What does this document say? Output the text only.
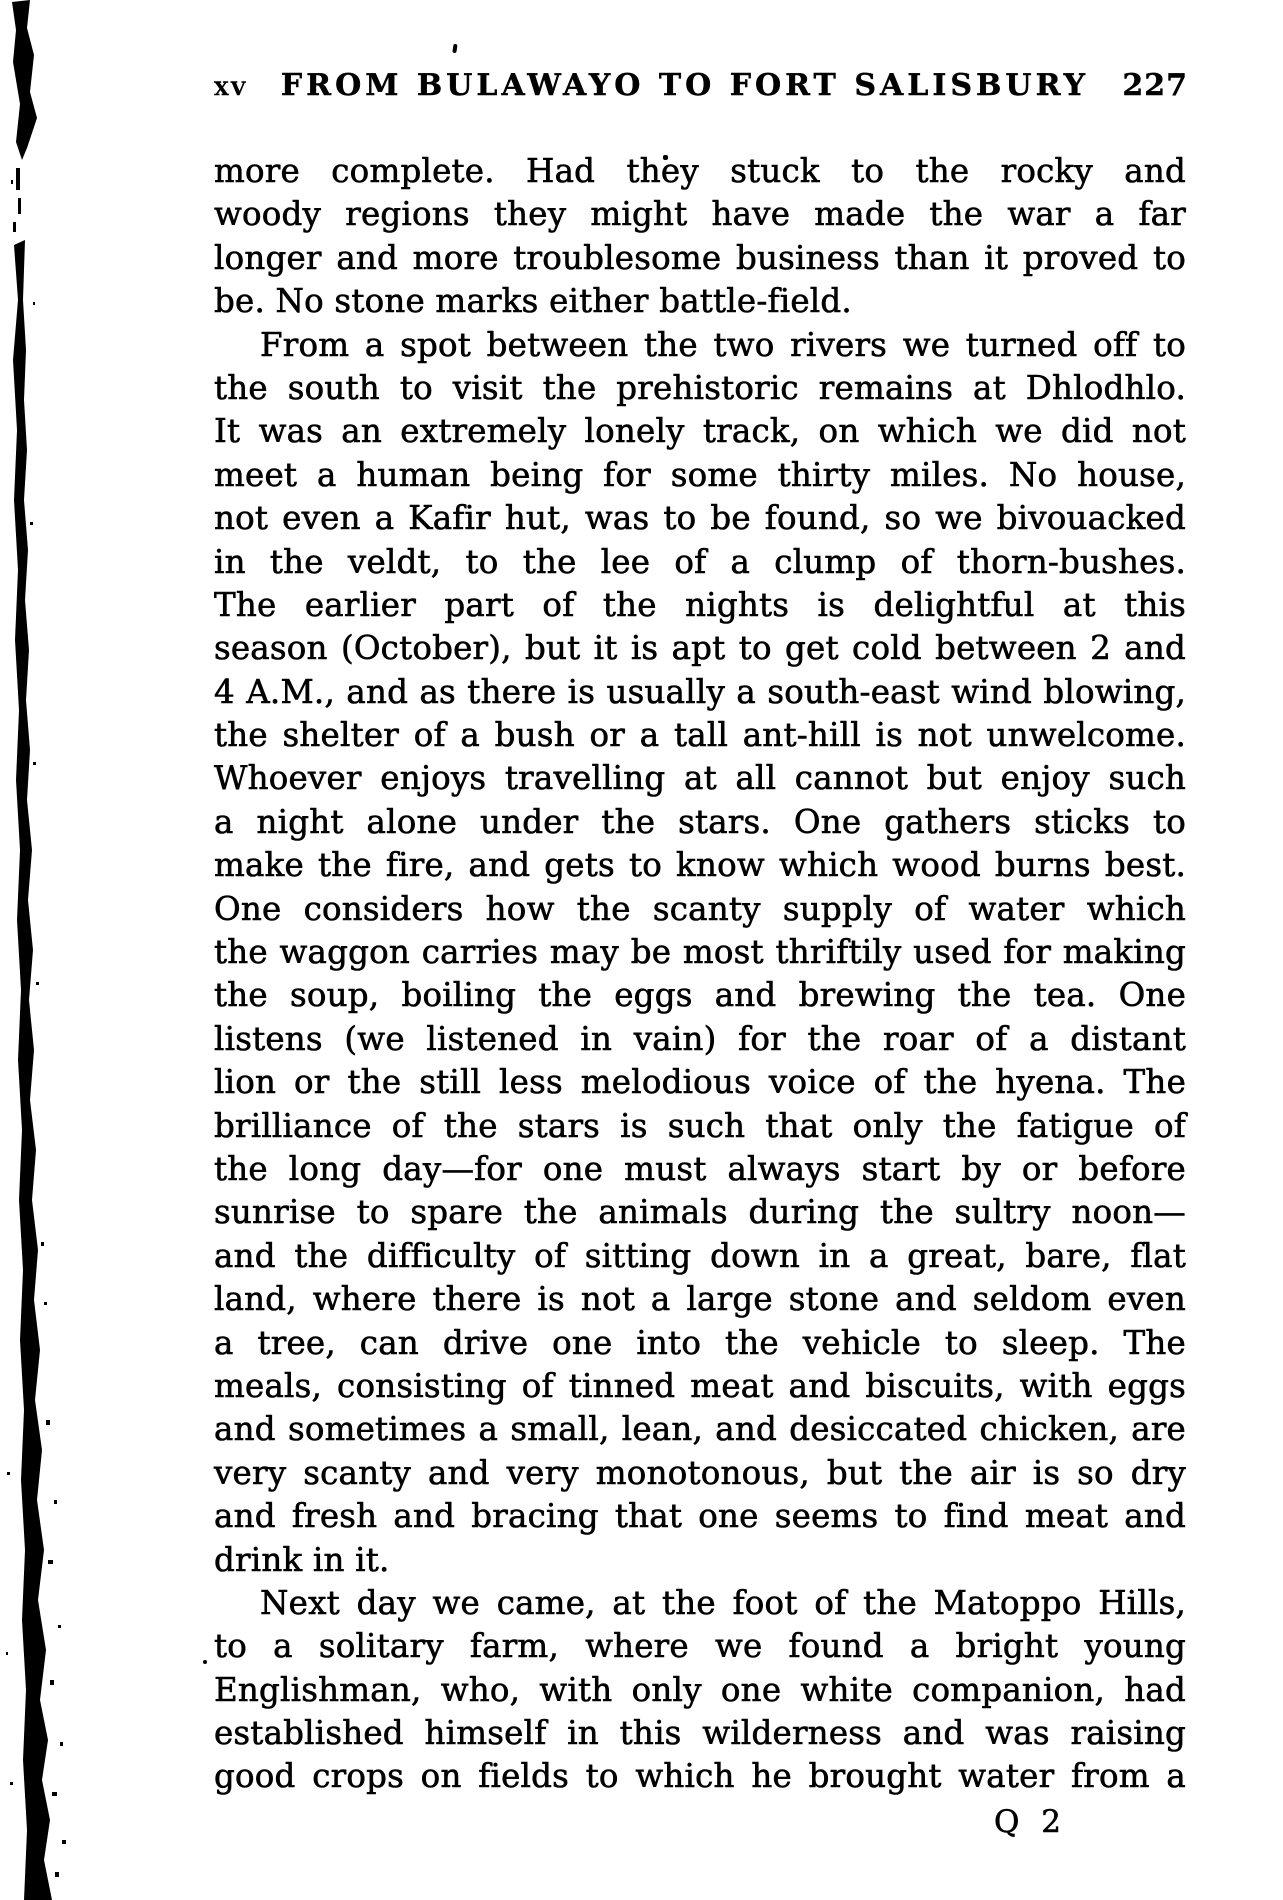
xv FROM BULAWAYO TO FORT SALISBURY 227
more complete. Had they stuck to the rocky and
woody regions they might have made the war a far
longer and more troublesome business than it proved to
be. No stone marks either battle-field.
From a spot between the two rivers we turned off to
the south to visit the prehistoric remains at Dhlodhlo.
It was an extremely lonely track, on which we did not
meet a human being for some thirty miles. No house,
not even a Kafir hut, was to be found, so we bivouacked
in the veldt, to the lee of a clump of thorn-bushes.
The earlier part of the nights is delightful at this
season (October), but it is apt to get cold between 2 and
4 A.M., and as there is usually a south-east wind blowing,
the shelter of a bush or a tall ant-hill is not unwelcome.
Whoever enjoys travelling at all cannot but enjoy such
a night alone under the stars. One gathers sticks to
make the fire, and gets to know which wood burns best.
One considers how the scanty supply of water which
the waggon carries may be most thriftily used for making
the soup, boiling the eggs and brewing the tea. One
listens (we listened in vain) for the roar of a distant
lion or the still less melodious voice of the hyena. The
brilliance of the stars is such that only the fatigue of
the long day—for one must always start by or before
sunrise to spare the animals during the sultry noon—
and the difficulty of sitting down in a great, bare, flat
land, where there is not a large stone and seldom even
a tree, can drive one into the vehicle to sleep. The
meals, consisting of tinned meat and biscuits, with eggs
and sometimes a small, lean, and desiccated chicken, are
very scanty and very monotonous, but the air is so dry
and fresh and bracing that one seems to find meat and
drink in it.
Next day we came, at the foot of the Matoppo Hills,
to a solitary farm, where we found a bright young
Englishman, who, with only one white companion, had
established himself in this wilderness and was raising
good crops on fields to which he brought water from a
Q 2
